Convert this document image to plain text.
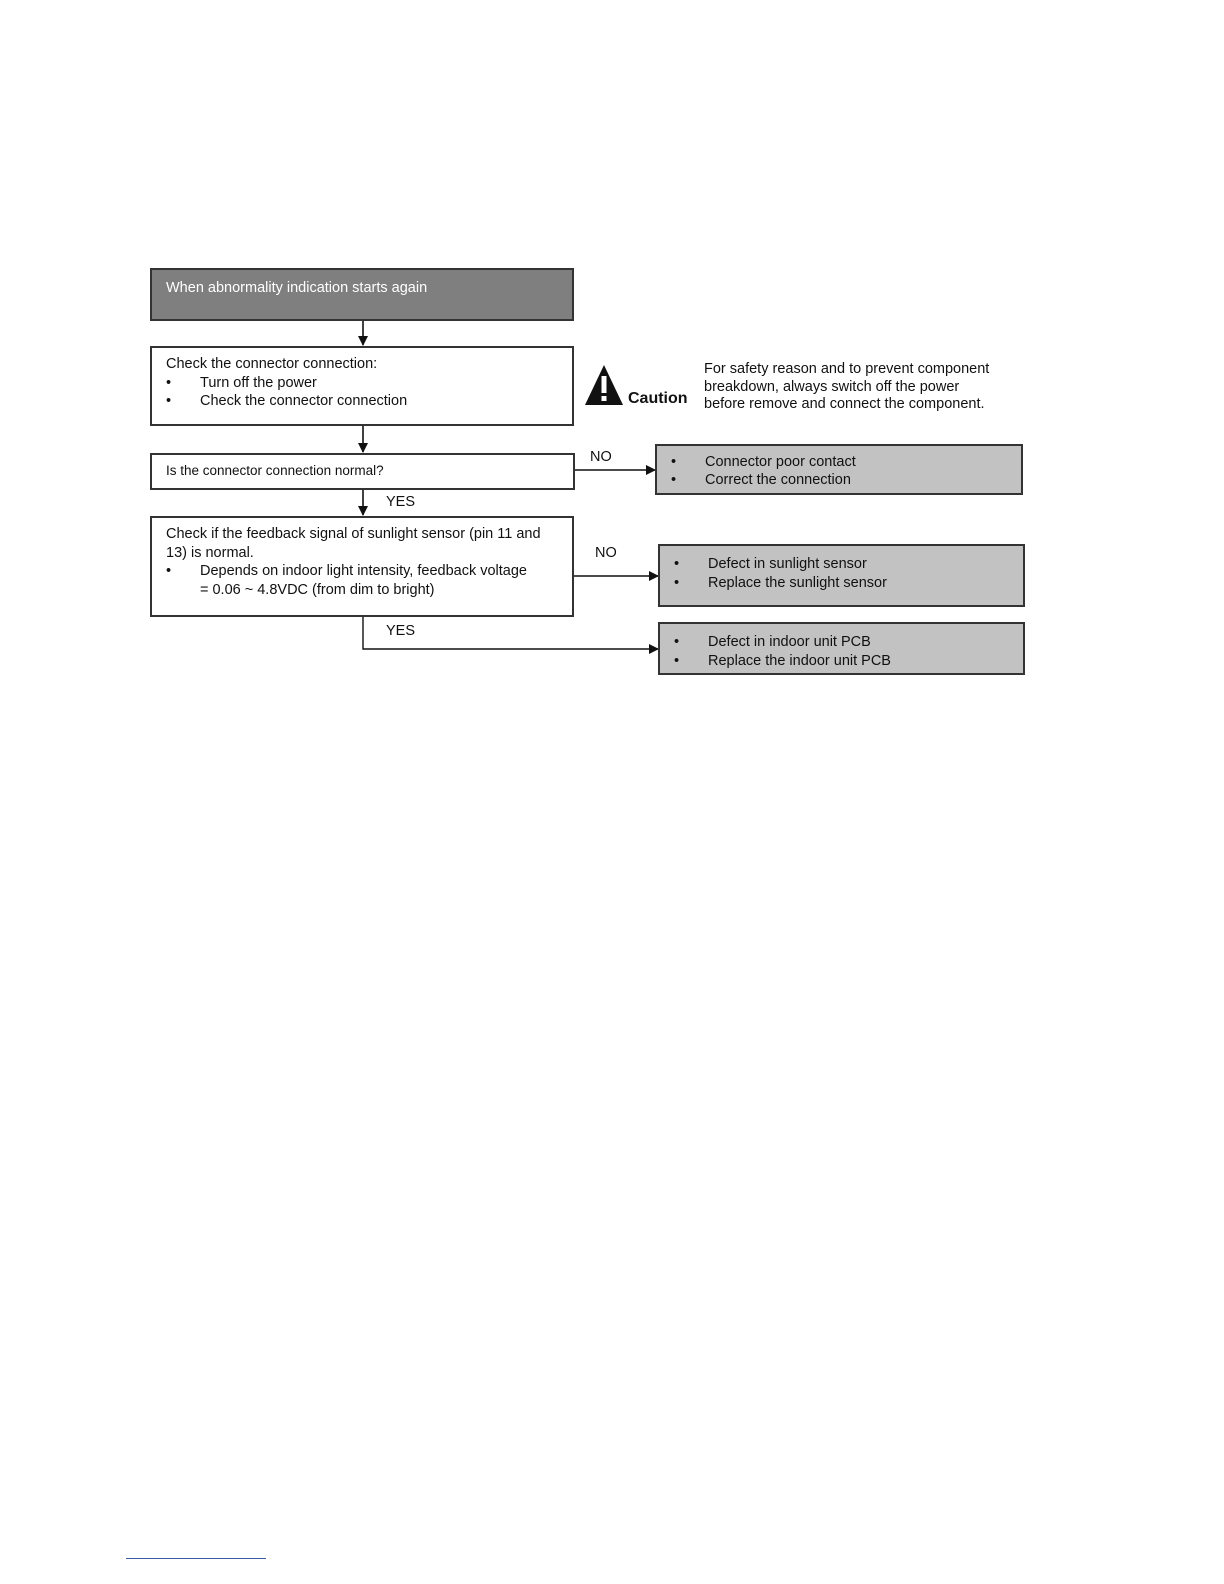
When abnormality indication starts again

Check the connector connection:

• Turn off the power

• Check the connector connection	Caution
For safety reason and to prevent component
breakdown, always switch off the power
before remove and connect the component.

Is the connector connection normal?

NO	• Connector poor contact

• Correct the connection

YES

Check if the feedback signal of sunlight sensor (pin 11 and 13) is normal.

• Depends on indoor light intensity, feedback voltage

= 0.06 ~ 4.8VDC (from dim to bright)

NO

• Defect in sunlight sensor

• Replace the sunlight sensor

YES

• Defect in indoor unit PCB

• Replace the indoor unit PCB
